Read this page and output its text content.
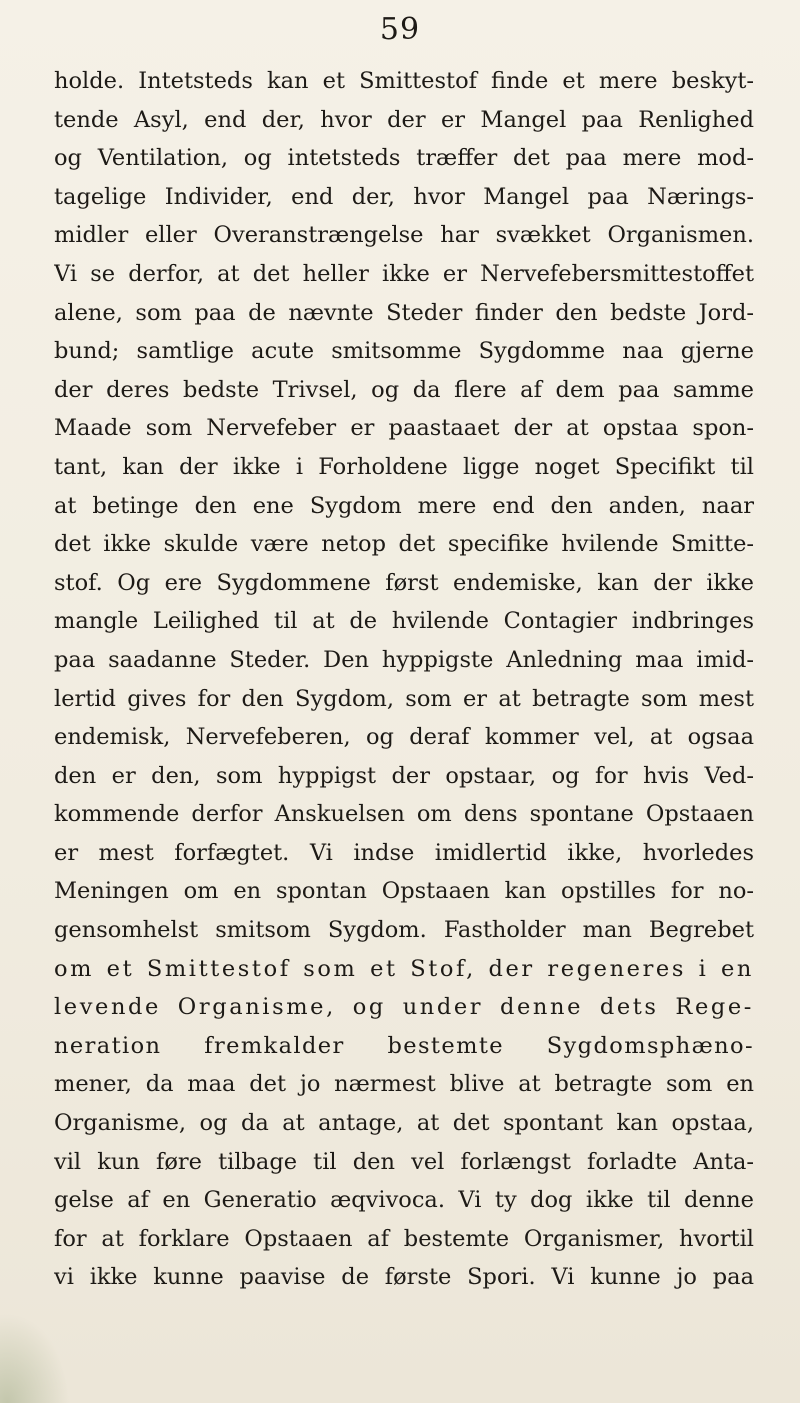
59
holde. Intetsteds kan et Smittestof finde et mere beskyt-
tende Asyl, end der, hvor der er Mangel paa Renlighed
og Ventilation, og intetsteds træffer det paa mere mod-
tagelige Individer, end der, hvor Mangel paa Nærings-
midler eller Overanstrængelse har svækket Organismen.
Vi se derfor, at det heller ikke er Nervefebersmittestoffet
alene, som paa de nævnte Steder finder den bedste Jord-
bund; samtlige acute smitsomme Sygdomme naa gjerne
der deres bedste Trivsel, og da flere af dem paa samme
Maade som Nervefeber er paastaaet der at opstaa spon-
tant, kan der ikke i Forholdene ligge noget Specifikt til
at betinge den ene Sygdom mere end den anden, naar
det ikke skulde være netop det specifike hvilende Smitte-
stof. Og ere Sygdommene først endemiske, kan der ikke
mangle Leilighed til at de hvilende Contagier indbringes
paa saadanne Steder. Den hyppigste Anledning maa imid-
lertid gives for den Sygdom, som er at betragte som mest
endemisk, Nervefeberen, og deraf kommer vel, at ogsaa
den er den, som hyppigst der opstaar, og for hvis Ved-
kommende derfor Anskuelsen om dens spontane Opstaaen
er mest forfægtet. Vi indse imidlertid ikke, hvorledes
Meningen om en spontan Opstaaen kan opstilles for no-
gensomhelst smitsom Sygdom. Fastholder man Begrebet
om et Smittestof som et Stof, der regeneres i en
levende Organisme, og under denne dets Rege-
neration fremkalder bestemte Sygdomsphæno-
mener, da maa det jo nærmest blive at betragte som en
Organisme, og da at antage, at det spontant kan opstaa,
vil kun føre tilbage til den vel forlængst forladte Anta-
gelse af en Generatio æqvivoca. Vi ty dog ikke til denne
for at forklare Opstaaen af bestemte Organismer, hvortil
vi ikke kunne paavise de første Spori. Vi kunne jo paa
